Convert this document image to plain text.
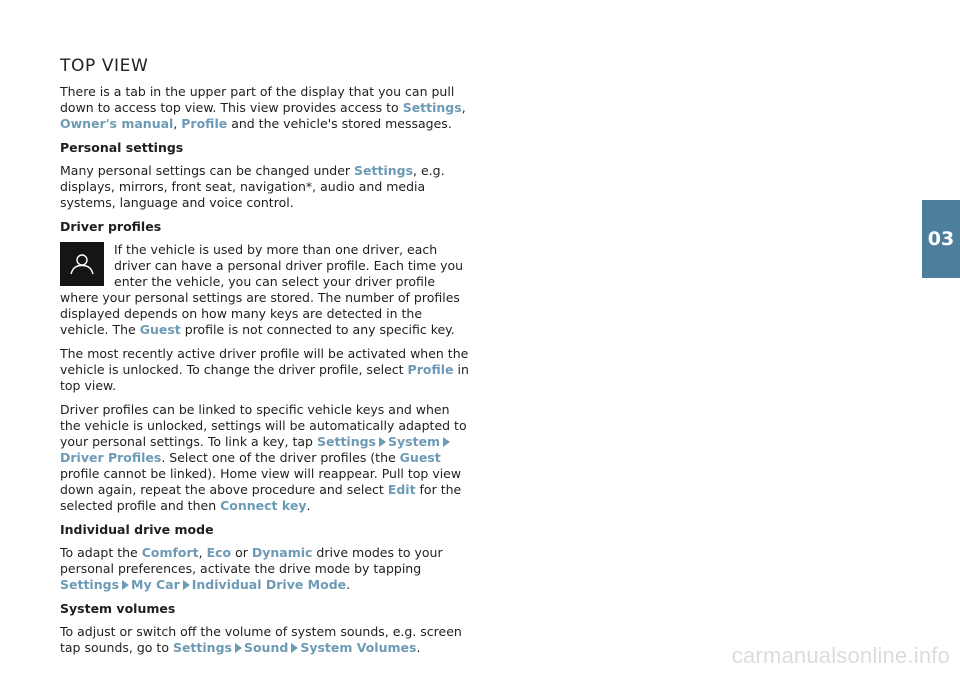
TOP VIEW

There is a tab in the upper part of the display that you can pull down to access top view. This view provides access to Settings, Owner's manual, Profile and the vehicle's stored messages.

Personal settings

Many personal settings can be changed under Settings, e.g. displays, mirrors, front seat, navigation*, audio and media systems, language and voice control.

Driver profiles

If the vehicle is used by more than one driver, each driver can have a personal driver profile. Each time you enter the vehicle, you can select your driver profile where your personal settings are stored. The number of profiles displayed depends on how many keys are detected in the vehicle. The Guest profile is not connected to any specific key.

The most recently active driver profile will be activated when the vehicle is unlocked. To change the driver profile, select Profile in top view.

Driver profiles can be linked to specific vehicle keys and when the vehicle is unlocked, settings will be automatically adapted to your personal settings. To link a key, tap Settings SystemDriver Profiles. Select one of the driver profiles (the Guest profile cannot be linked). Home view will reappear. Pull top view down again, repeat the above procedure and select Edit for the selected profile and then Connect key.

Individual drive mode

To adapt the Comfort, Eco or Dynamic drive modes to your personal preferences, activate the drive mode by tapping Settings My Car Individual Drive Mode.

System volumes

To adjust or switch off the volume of system sounds, e.g. screen tap sounds, go to Settings Sound System Volumes.

03
carmanualsonline.info
